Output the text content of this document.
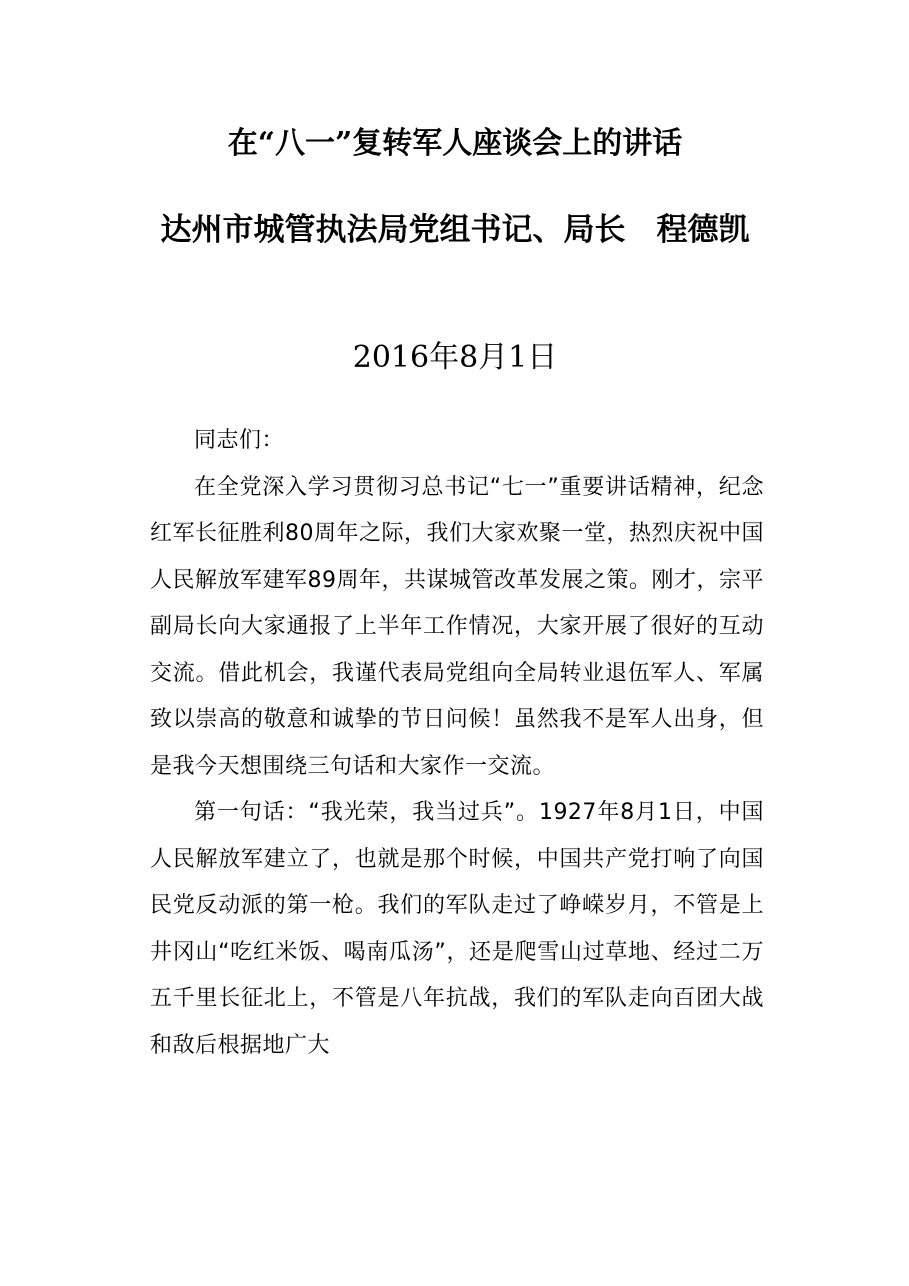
在“八一”复转军人座谈会上的讲话
达州市城管执法局党组书记、局长　程德凯
2016年8月1日

同志们：

在全党深入学习贯彻习总书记“七一”重要讲话精神，纪念红军长征胜利80周年之际，我们大家欢聚一堂，热烈庆祝中国人民解放军建军89周年，共谋城管改革发展之策。刚才，宗平副局长向大家通报了上半年工作情况，大家开展了很好的互动交流。借此机会，我谨代表局党组向全局转业退伍军人、军属致以崇高的敬意和诚挚的节日问候！虽然我不是军人出身，但是我今天想围绕三句话和大家作一交流。

第一句话：“我光荣，我当过兵”。1927年8月1日，中国人民解放军建立了，也就是那个时候，中国共产党打响了向国民党反动派的第一枪。我们的军队走过了峥嵘岁月，不管是上井冈山“吃红米饭、喝南瓜汤”，还是爬雪山过草地、经过二万五千里长征北上，不管是八年抗战，我们的军队走向百团大战和敌后根据地广大
